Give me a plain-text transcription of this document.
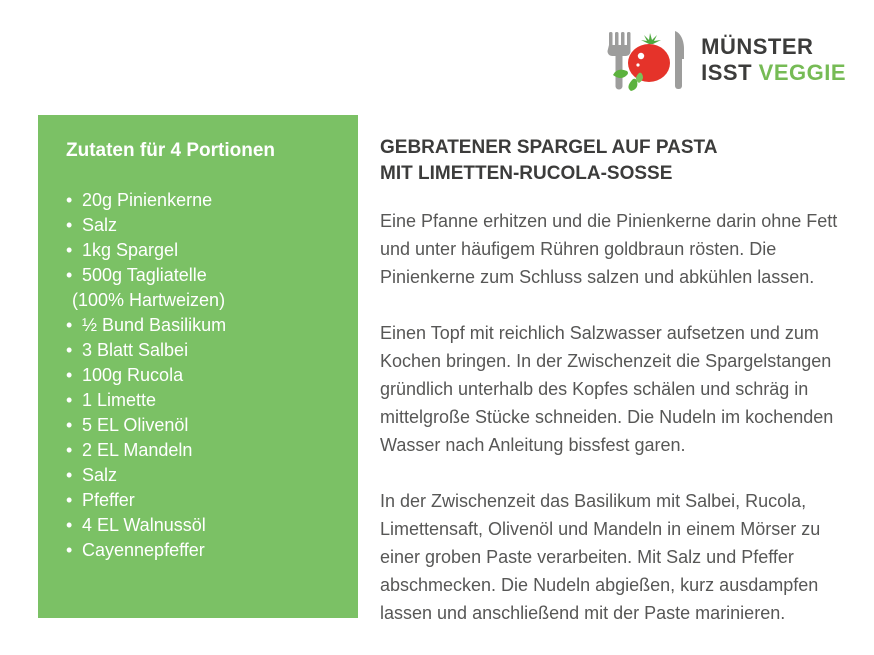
MÜNSTER
ISST VEGGIE
Zutaten für 4 Portionen
• 20g Pinienkerne
• Salz
• 1kg Spargel
• 500g Tagliatelle
(100% Hartweizen)
• ½ Bund Basilikum
• 3 Blatt Salbei
• 100g Rucola
• 1 Limette
• 5 EL Olivenöl
• 2 EL Mandeln
• Salz
• Pfeffer
• 4 EL Walnussöl
• Cayennepfeffer
GEBRATENER SPARGEL AUF PASTA
MIT LIMETTEN-RUCOLA-SOSSE

Eine Pfanne erhitzen und die Pinienkerne darin ohne Fett und unter häufigem Rühren goldbraun rösten. Die Pinienkerne zum Schluss salzen und abkühlen lassen.

Einen Topf mit reichlich Salzwasser aufsetzen und zum Kochen bringen. In der Zwischenzeit die Spargelstangen gründlich unterhalb des Kopfes schälen und schräg in mittelgroße Stücke schneiden. Die Nudeln im kochenden Wasser nach Anleitung bissfest garen.

In der Zwischenzeit das Basilikum mit Salbei, Rucola, Limettensaft, Olivenöl und Mandeln in einem Mörser zu einer groben Paste verarbeiten. Mit Salz und Pfeffer abschmecken. Die Nudeln abgießen, kurz ausdampfen lassen und anschließend mit der Paste marinieren.
